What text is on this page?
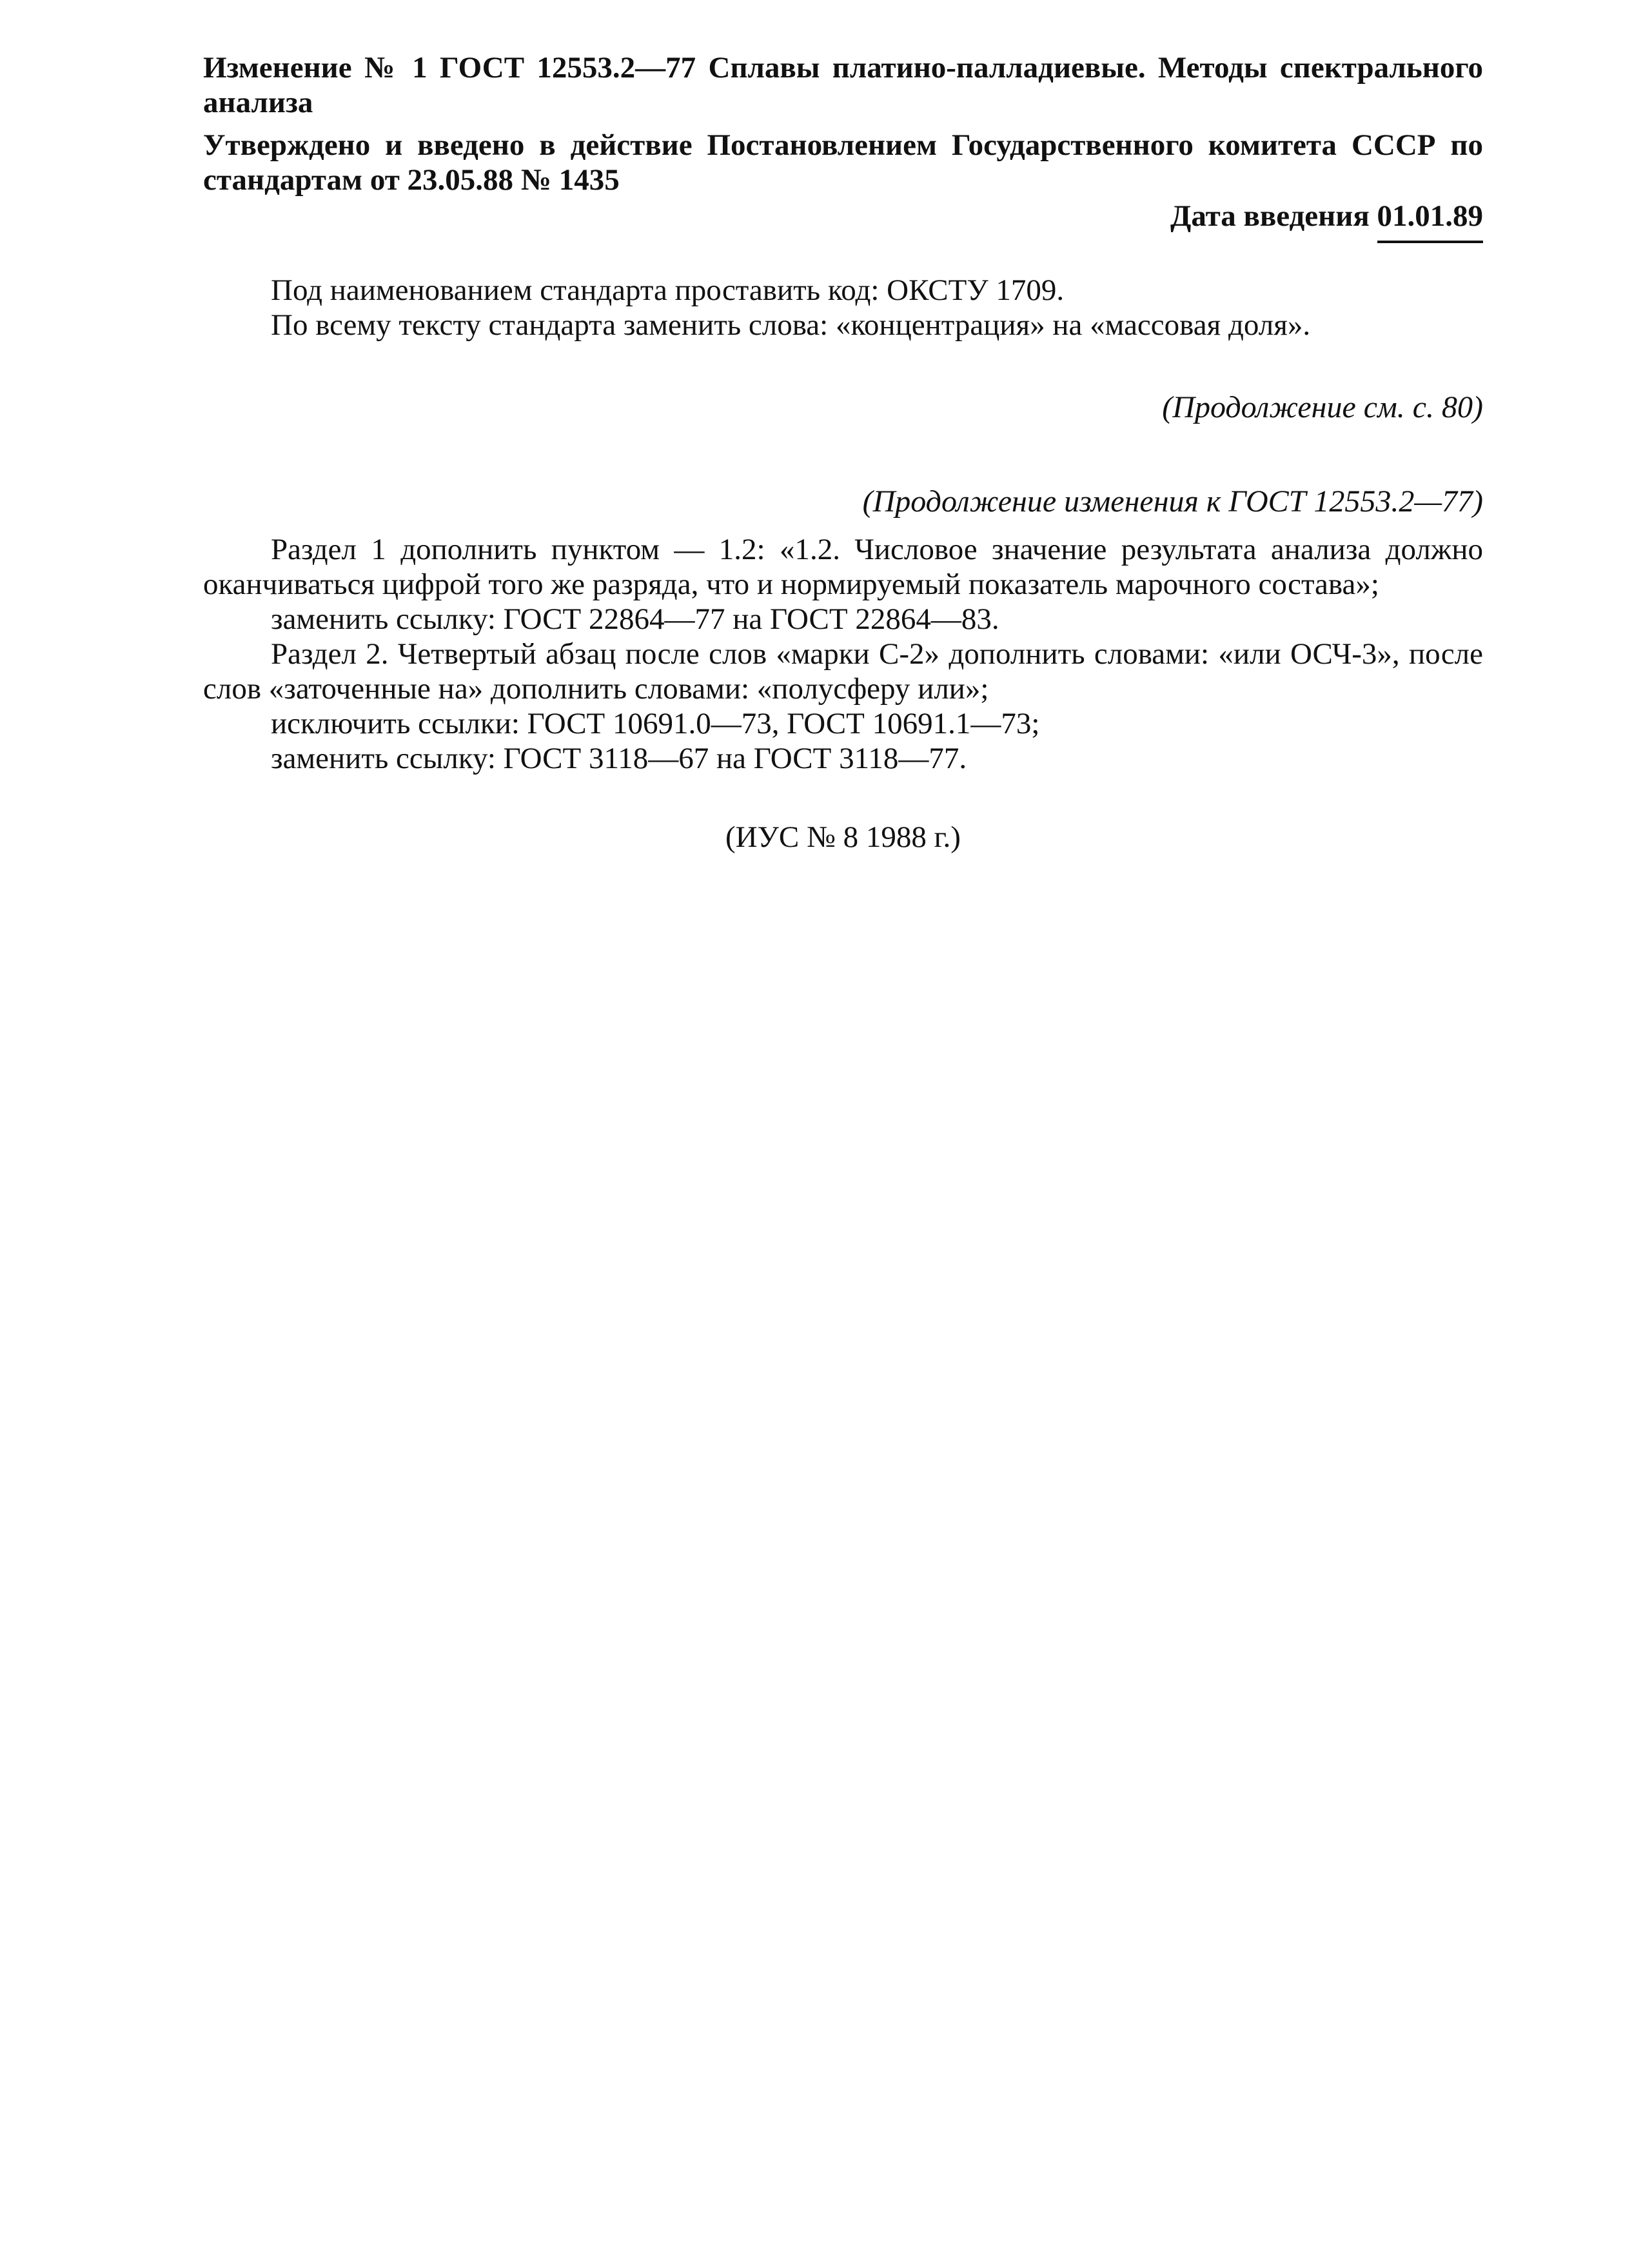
Изменение № 1 ГОСТ 12553.2—77 Сплавы платино-палладиевые. Методы спектрального анализа
Утверждено и введено в действие Постановлением Государственного комитета СССР по стандартам от 23.05.88 № 1435
Дата введения 01.01.89

Под наименованием стандарта проставить код: ОКСТУ 1709.

По всему тексту стандарта заменить слова: «концентрация» на «массовая доля».

(Продолжение см. с. 80)
(Продолжение изменения к ГОСТ 12553.2—77)

Раздел 1 дополнить пунктом — 1.2: «1.2. Числовое значение результата анализа должно оканчиваться цифрой того же разряда, что и нормируемый показатель марочного состава»;

заменить ссылку: ГОСТ 22864—77 на ГОСТ 22864—83.

Раздел 2. Четвертый абзац после слов «марки С-2» дополнить словами: «или ОСЧ-3», после слов «заточенные на» дополнить словами: «полусферу или»;

исключить ссылки: ГОСТ 10691.0—73, ГОСТ 10691.1—73;

заменить ссылку: ГОСТ 3118—67 на ГОСТ 3118—77.

(ИУС № 8 1988 г.)
